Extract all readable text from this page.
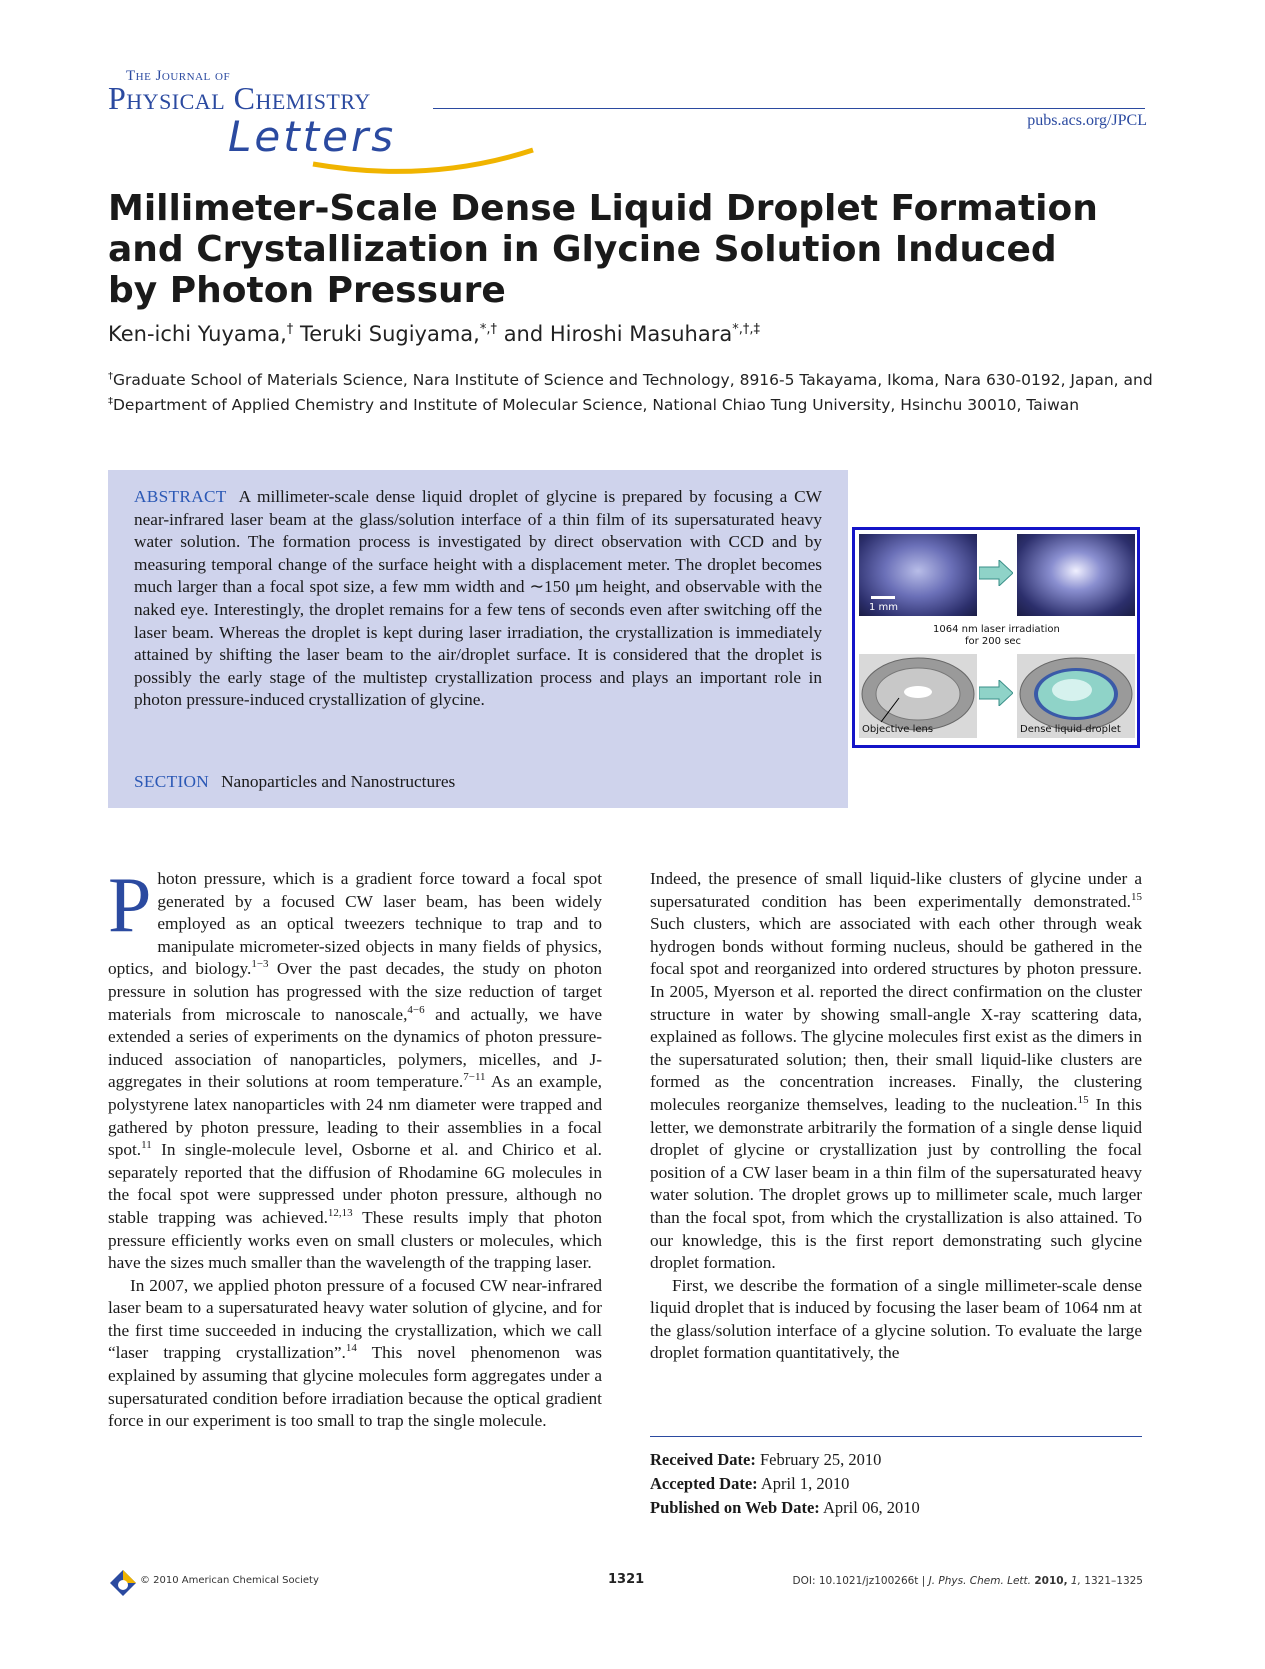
The Journal of
Physical Chemistry
Letters	pubs.acs.org/JPCL
Millimeter-Scale Dense Liquid Droplet Formation and Crystallization in Glycine Solution Induced by Photon Pressure
Ken-ichi Yuyama,† Teruki Sugiyama,*,† and Hiroshi Masuhara*,†,‡
†Graduate School of Materials Science, Nara Institute of Science and Technology, 8916-5 Takayama, Ikoma, Nara 630-0192, Japan, and ‡Department of Applied Chemistry and Institute of Molecular Science, National Chiao Tung University, Hsinchu 30010, Taiwan
ABSTRACT A millimeter-scale dense liquid droplet of glycine is prepared by focusing a CW near-infrared laser beam at the glass/solution interface of a thin film of its supersaturated heavy water solution. The formation process is investigated by direct observation with CCD and by measuring temporal change of the surface height with a displacement meter. The droplet becomes much larger than a focal spot size, a few mm width and ∼150 μm height, and observable with the naked eye. Interestingly, the droplet remains for a few tens of seconds even after switching off the laser beam. Whereas the droplet is kept during laser irradiation, the crystallization is immediately attained by shifting the laser beam to the air/droplet surface. It is considered that the droplet is possibly the early stage of the multistep crystallization process and plays an important role in photon pressure-induced crystallization of glycine.
SECTION Nanoparticles and Nanostructures
1 mm
1064 nm laser irradiation
for 200 sec
Objective lens	Dense liquid droplet

Photon pressure, which is a gradient force toward a focal spot generated by a focused CW laser beam, has been widely employed as an optical tweezers technique to trap and to manipulate micrometer-sized objects in many fields of physics, optics, and biology.$^{1-3}$ Over the past decades, the study on photon pressure in solution has progressed with the size reduction of target materials from microscale to nanoscale,$^{4-6}$ and actually, we have extended a series of experiments on the dynamics of photon pressure-induced association of nanoparticles, polymers, micelles, and J-aggregates in their solutions at room temperature.$^{7-11}$ As an example, polystyrene latex nanoparticles with 24 nm diameter were trapped and gathered by photon pressure, leading to their assemblies in a focal spot.$^{11}$ In single-molecule level, Osborne et al. and Chirico et al. separately reported that the diffusion of Rhodamine 6G molecules in the focal spot were suppressed under photon pressure, although no stable trapping was achieved.$^{12,13}$ These results imply that photon pressure efficiently works even on small clusters or molecules, which have the sizes much smaller than the wavelength of the trapping laser.

In 2007, we applied photon pressure of a focused CW near-infrared laser beam to a supersaturated heavy water solution of glycine, and for the first time succeeded in inducing the crystallization, which we call “laser trapping crystallization”.$^{14}$ This novel phenomenon was explained by assuming that glycine molecules form aggregates under a supersaturated condition before irradiation because the optical gradient force in our experiment is too small to trap the single molecule.

Indeed, the presence of small liquid-like clusters of glycine under a supersaturated condition has been experimentally demonstrated.$^{15}$ Such clusters, which are associated with each other through weak hydrogen bonds without forming nucleus, should be gathered in the focal spot and reorganized into ordered structures by photon pressure. In 2005, Myerson et al. reported the direct confirmation on the cluster structure in water by showing small-angle X-ray scattering data, explained as follows. The glycine molecules first exist as the dimers in the supersaturated solution; then, their small liquid-like clusters are formed as the concentration increases. Finally, the clustering molecules reorganize themselves, leading to the nucleation.$^{15}$ In this letter, we demonstrate arbitrarily the formation of a single dense liquid droplet of glycine or crystallization just by controlling the focal position of a CW laser beam in a thin film of the supersaturated heavy water solution. The droplet grows up to millimeter scale, much larger than the focal spot, from which the crystallization is also attained. To our knowledge, this is the first report demonstrating such glycine droplet formation.

First, we describe the formation of a single millimeter-scale dense liquid droplet that is induced by focusing the laser beam of 1064 nm at the glass/solution interface of a glycine solution. To evaluate the large droplet formation quantitatively, the

Received Date: February 25, 2010
Accepted Date: April 1, 2010
Published on Web Date: April 06, 2010
© 2010 American Chemical Society	1321	DOI: 10.1021/jz100266t | J. Phys. Chem. Lett. 2010, 1, 1321–1325
